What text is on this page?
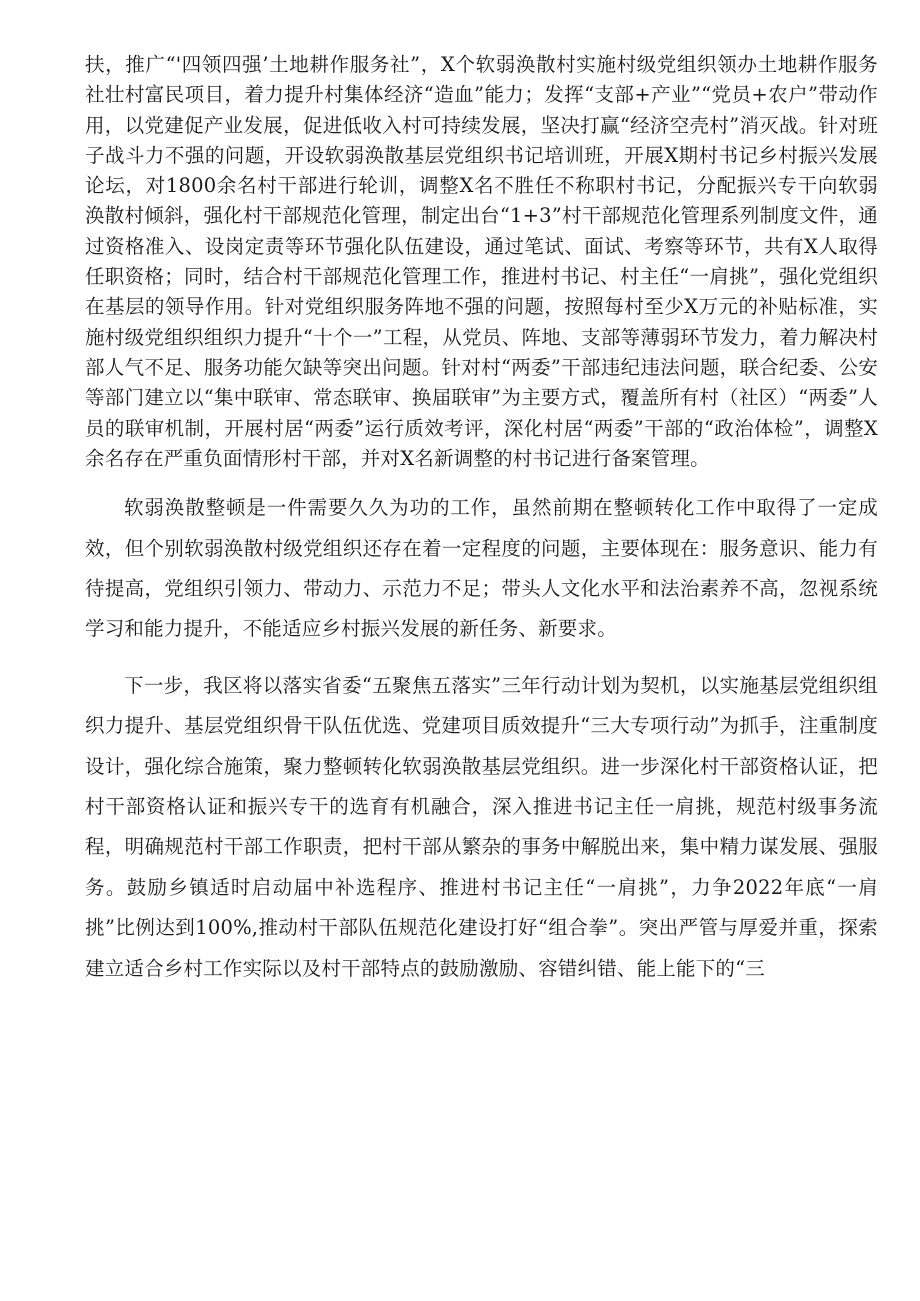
扶，推广“'四领四强’土地耕作服务社”，X个软弱涣散村实施村级党组织领办土地耕作服务社壮村富民项目，着力提升村集体经济“造血”能力；发挥“支部+产业”“党员+农户”带动作用，以党建促产业发展，促进低收入村可持续发展，坚决打赢“经济空壳村”消灭战。针对班子战斗力不强的问题，开设软弱涣散基层党组织书记培训班，开展X期村书记乡村振兴发展论坛，对1800余名村干部进行轮训，调整X名不胜任不称职村书记，分配振兴专干向软弱涣散村倾斜，强化村干部规范化管理，制定出台“1+3”村干部规范化管理系列制度文件，通过资格准入、设岗定责等环节强化队伍建设，通过笔试、面试、考察等环节，共有X人取得任职资格；同时，结合村干部规范化管理工作，推进村书记、村主任“一肩挑”，强化党组织在基层的领导作用。针对党组织服务阵地不强的问题，按照每村至少X万元的补贴标准，实施村级党组织组织力提升“十个一”工程，从党员、阵地、支部等薄弱环节发力，着力解决村部人气不足、服务功能欠缺等突出问题。针对村“两委”干部违纪违法问题，联合纪委、公安等部门建立以“集中联审、常态联审、换届联审”为主要方式，覆盖所有村（社区）“两委”人员的联审机制，开展村居“两委”运行质效考评，深化村居“两委”干部的“政治体检”，调整X余名存在严重负面情形村干部，并对X名新调整的村书记进行备案管理。

软弱涣散整顿是一件需要久久为功的工作，虽然前期在整顿转化工作中取得了一定成效，但个别软弱涣散村级党组织还存在着一定程度的问题，主要体现在：服务意识、能力有待提高，党组织引领力、带动力、示范力不足；带头人文化水平和法治素养不高，忽视系统学习和能力提升，不能适应乡村振兴发展的新任务、新要求。

下一步，我区将以落实省委“五聚焦五落实”三年行动计划为契机，以实施基层党组织组织力提升、基层党组织骨干队伍优选、党建项目质效提升“三大专项行动”为抓手，注重制度设计，强化综合施策，聚力整顿转化软弱涣散基层党组织。进一步深化村干部资格认证，把村干部资格认证和振兴专干的选育有机融合，深入推进书记主任一肩挑，规范村级事务流程，明确规范村干部工作职责，把村干部从繁杂的事务中解脱出来，集中精力谋发展、强服务。鼓励乡镇适时启动届中补选程序、推进村书记主任“一肩挑”，力争2022年底“一肩挑”比例达到100%,推动村干部队伍规范化建设打好“组合拳”。突出严管与厚爱并重，探索建立适合乡村工作实际以及村干部特点的鼓励激励、容错纠错、能上能下的“三
